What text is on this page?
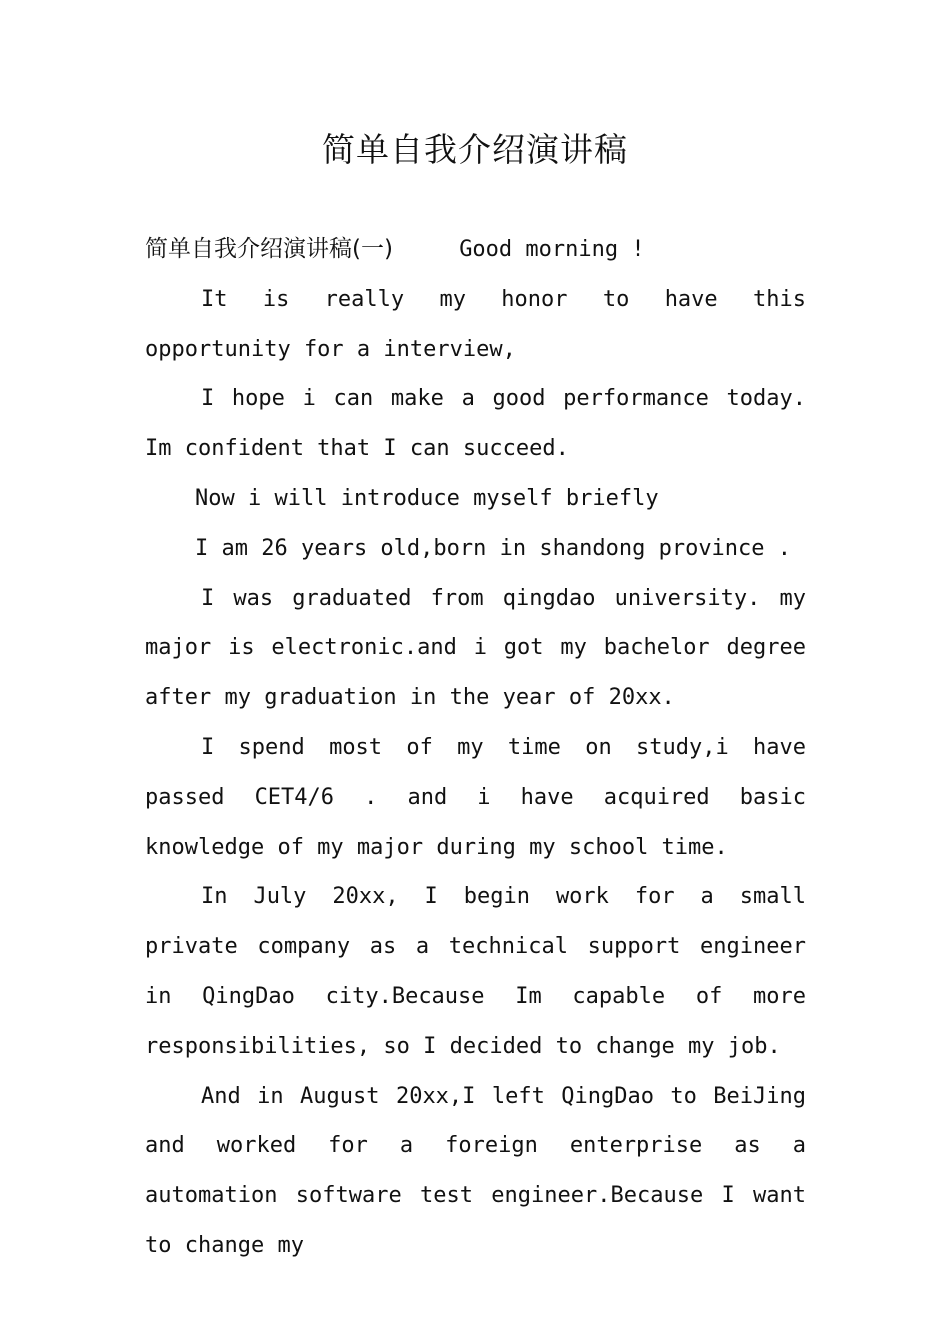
简单自我介绍演讲稿

简单自我介绍演讲稿(一)	Good morning !

It is really my honor to have this opportunity for a interview,

I hope i can make a good performance today. Im confident that I can succeed.

Now i will introduce myself briefly

I am 26 years old,born in shandong province .

I was graduated from qingdao university. my major is electronic.and i got my bachelor degree after my graduation in the year of 20xx.

I spend most of my time on study,i have passed CET4/6 . and i have acquired basic knowledge of my major during my school time.

In July 20xx, I begin work for a small private company as a technical support engineer in QingDao city.Because Im capable of more responsibilities, so I decided to change my job.

And in August 20xx,I left QingDao to BeiJing and worked for a foreign enterprise as a automation software test engineer.Because I want to change my
